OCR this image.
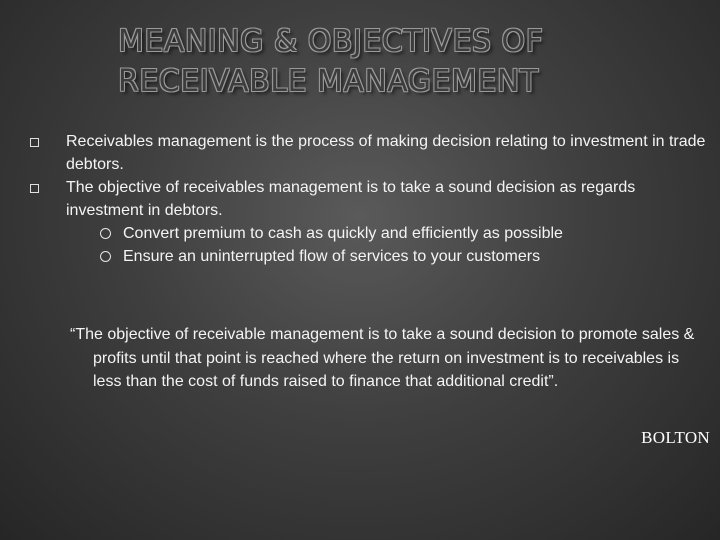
MEANING & OBJECTIVES OF
RECEIVABLE MANAGEMENT
Receivables management is the process of making decision relating to investment in trade debtors.
The objective of receivables management is to take a sound decision as regards investment in debtors.
Convert premium to cash as quickly and efficiently as possible
Ensure an uninterrupted flow of services to your customers

“The objective of receivable management is to take a sound decision to promote sales & profits until that point is reached where the return on investment is to receivables is less than the cost of funds raised to finance that additional credit”.

BOLTON
